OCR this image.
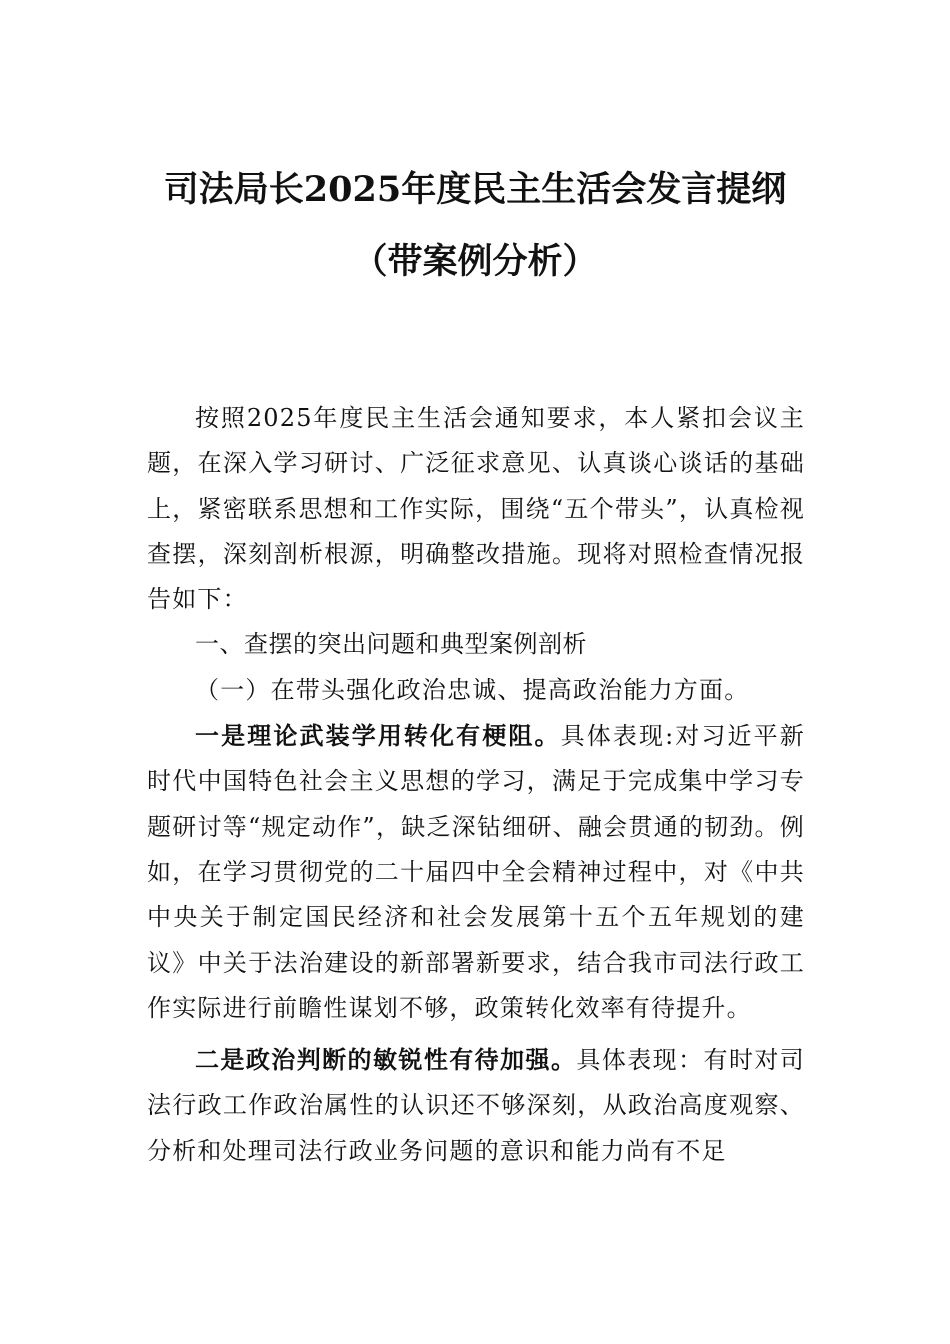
司法局长2025年度民主生活会发言提纲
（带案例分析）

按照2025年度民主生活会通知要求，本人紧扣会议主题，在深入学习研讨、广泛征求意见、认真谈心谈话的基础上，紧密联系思想和工作实际，围绕“五个带头”，认真检视查摆，深刻剖析根源，明确整改措施。现将对照检查情况报告如下：

一、查摆的突出问题和典型案例剖析

（一）在带头强化政治忠诚、提高政治能力方面。

一是理论武装学用转化有梗阻。具体表现:对习近平新时代中国特色社会主义思想的学习，满足于完成集中学习专题研讨等“规定动作”，缺乏深钻细研、融会贯通的韧劲。例如，在学习贯彻党的二十届四中全会精神过程中，对《中共中央关于制定国民经济和社会发展第十五个五年规划的建议》中关于法治建设的新部署新要求，结合我市司法行政工作实际进行前瞻性谋划不够，政策转化效率有待提升。

二是政治判断的敏锐性有待加强。具体表现：有时对司法行政工作政治属性的认识还不够深刻，从政治高度观察、分析和处理司法行政业务问题的意识和能力尚有不足
